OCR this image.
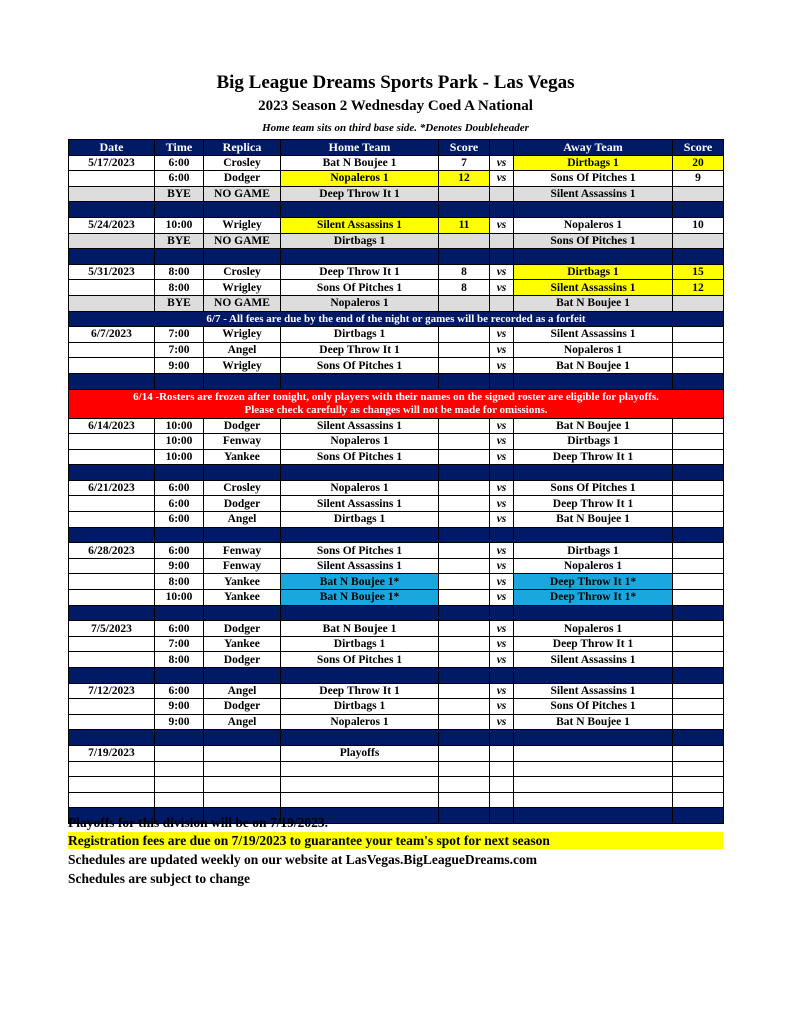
Big League Dreams Sports Park - Las Vegas
2023 Season 2 Wednesday Coed A National
Home team sits on third base side. *Denotes Doubleheader
Date	Time	Replica	Home Team	Score		Away Team	Score
5/17/2023	6:00	Crosley	Bat N Boujee 1	7	vs	Dirtbags 1	20
	6:00	Dodger	Nopaleros 1	12	vs	Sons Of Pitches 1	9
	BYE	NO GAME	Deep Throw It 1			Silent Assassins 1	

5/24/2023	10:00	Wrigley	Silent Assassins 1	11	vs	Nopaleros 1	10
	BYE	NO GAME	Dirtbags 1			Sons Of Pitches 1	

5/31/2023	8:00	Crosley	Deep Throw It 1	8	vs	Dirtbags 1	15
	8:00	Wrigley	Sons Of Pitches 1	8	vs	Silent Assassins 1	12
	BYE	NO GAME	Nopaleros 1			Bat N Boujee 1	
6/7 - All fees are due by the end of the night or games will be recorded as a forfeit							
6/7/2023	7:00	Wrigley	Dirtbags 1		vs	Silent Assassins 1	
	7:00	Angel	Deep Throw It 1		vs	Nopaleros 1	
	9:00	Wrigley	Sons Of Pitches 1		vs	Bat N Boujee 1	

6/14 -Rosters are frozen after tonight, only players with their names on the signed roster are eligible for playoffs.
Please check carefully as changes will not be made for omissions.							

6/14/2023	10:00	Dodger	Silent Assassins 1		vs	Bat N Boujee 1	
	10:00	Fenway	Nopaleros 1		vs	Dirtbags 1	
	10:00	Yankee	Sons Of Pitches 1		vs	Deep Throw It 1	

6/21/2023	6:00	Crosley	Nopaleros 1		vs	Sons Of Pitches 1	
	6:00	Dodger	Silent Assassins 1		vs	Deep Throw It 1	
	6:00	Angel	Dirtbags 1		vs	Bat N Boujee 1	

6/28/2023	6:00	Fenway	Sons Of Pitches 1		vs	Dirtbags 1	
	9:00	Fenway	Silent Assassins 1		vs	Nopaleros 1	
	8:00	Yankee	Bat N Boujee 1*		vs	Deep Throw It 1*	
	10:00	Yankee	Bat N Boujee 1*		vs	Deep Throw It 1*	

7/5/2023	6:00	Dodger	Bat N Boujee 1		vs	Nopaleros 1	
	7:00	Yankee	Dirtbags 1		vs	Deep Throw It 1	
	8:00	Dodger	Sons Of Pitches 1		vs	Silent Assassins 1	

7/12/2023	6:00	Angel	Deep Throw It 1		vs	Silent Assassins 1	
	9:00	Dodger	Dirtbags 1		vs	Sons Of Pitches 1	
	9:00	Angel	Nopaleros 1		vs	Bat N Boujee 1	

7/19/2023			Playoffs				

Playoffs for this division will be on 7/19/2023.
Registration fees are due on 7/19/2023 to guarantee your team's spot for next season
Schedules are updated weekly on our website at LasVegas.BigLeagueDreams.com
Schedules are subject to change
